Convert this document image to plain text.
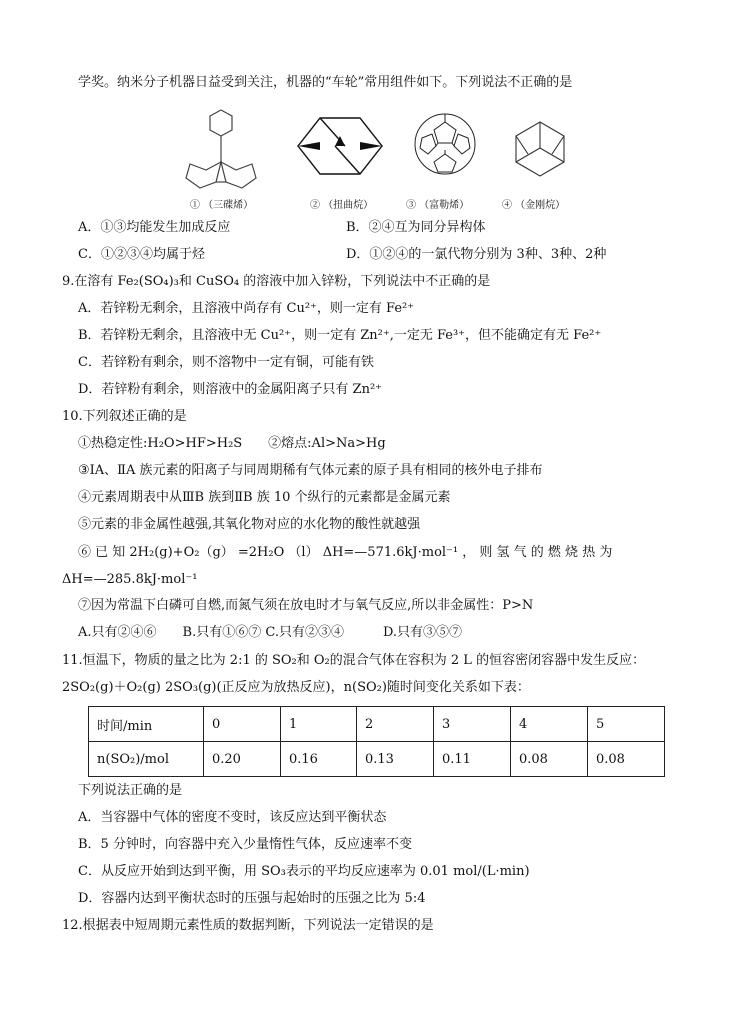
学奖。纳米分子机器日益受到关注，机器的“车轮”常用组件如下。下列说法不正确的是
① （三碟烯）	② （扭曲烷）	③ （富勒烯）	④ （金刚烷）
A．①③均能发生加成反应	B．②④互为同分异构体
C．①②③④均属于烃	D．①②④的一氯代物分别为 3种、3种、2种
9.在溶有 Fe₂(SO₄)₃和 CuSO₄ 的溶液中加入锌粉，下列说法中不正确的是
A．若锌粉无剩余，且溶液中尚存有 Cu²⁺，则一定有 Fe²⁺
B．若锌粉无剩余，且溶液中无 Cu²⁺，则一定有 Zn²⁺,一定无 Fe³⁺，但不能确定有无 Fe²⁺
C．若锌粉有剩余，则不溶物中一定有铜，可能有铁
D．若锌粉有剩余，则溶液中的金属阳离子只有 Zn²⁺
10.下列叙述正确的是
①热稳定性:H₂O>HF>H₂S　　②熔点:Al>Na>Hg
③ⅠA、ⅡA 族元素的阳离子与同周期稀有气体元素的原子具有相同的核外电子排布
④元素周期表中从ⅢB 族到ⅡB 族 10 个纵行的元素都是金属元素
⑤元素的非金属性越强,其氧化物对应的水化物的酸性就越强
⑥ 已 知 2H₂(g)+O₂（g） =2H₂O （l） ΔH=—571.6kJ·mol⁻¹ ， 则 氢 气 的 燃 烧 热 为
ΔH=—285.8kJ·mol⁻¹
⑦因为常温下白磷可自燃,而氮气须在放电时才与氧气反应,所以非金属性：P>N
A.只有②④⑥　　B.只有①⑥⑦ C.只有②③④　　　D.只有③⑤⑦
11.恒温下，物质的量之比为 2:1 的 SO₂和 O₂的混合气体在容积为 2 L 的恒容密闭容器中发生反应：
2SO₂(g)＋O₂(g) 2SO₃(g)(正反应为放热反应)，n(SO₂)随时间变化关系如下表：
时间/min	0	1	2	3	4	5
n(SO₂)/mol	0.20	0.16	0.13	0.11	0.08	0.08
下列说法正确的是
A．当容器中气体的密度不变时，该反应达到平衡状态
B．5 分钟时，向容器中充入少量惰性气体，反应速率不变
C．从反应开始到达到平衡，用 SO₃表示的平均反应速率为 0.01 mol/(L·min)
D．容器内达到平衡状态时的压强与起始时的压强之比为 5:4
12.根据表中短周期元素性质的数据判断，下列说法一定错误的是
